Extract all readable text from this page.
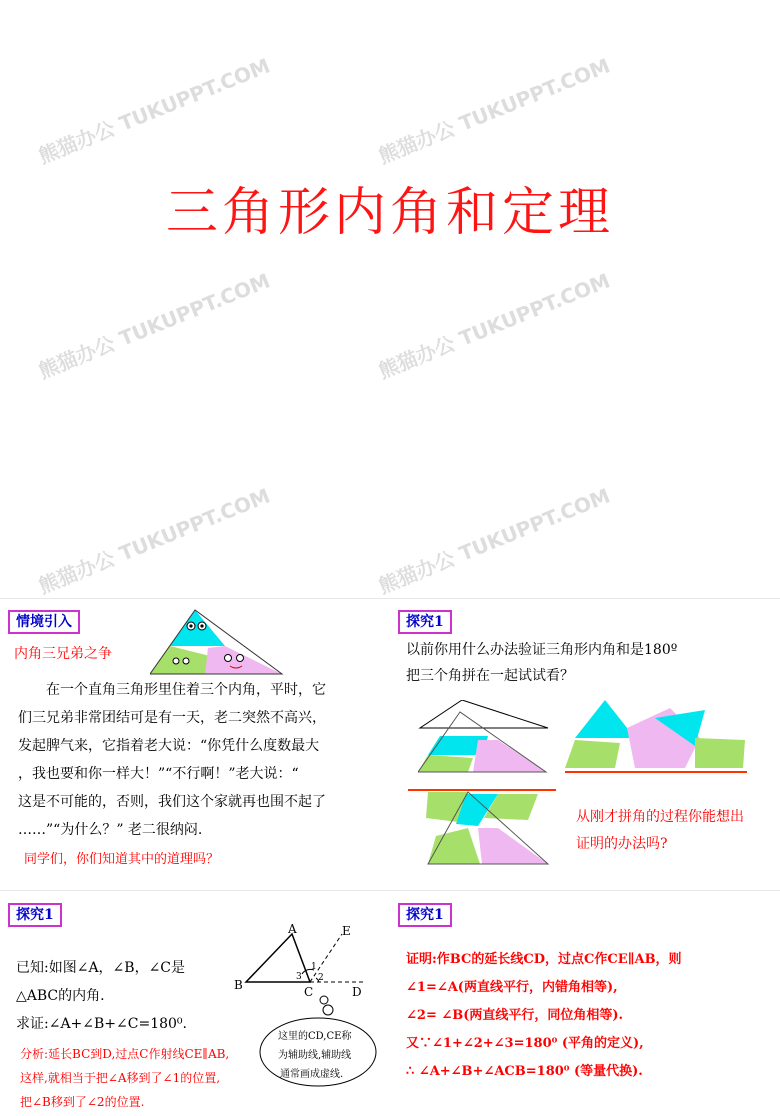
熊猫办公 TUKUPPT.COM	熊猫办公 TUKUPPT.COM
熊猫办公 TUKUPPT.COM	熊猫办公 TUKUPPT.COM
熊猫办公 TUKUPPT.COM	熊猫办公 TUKUPPT.COM
三角形内角和定理
情境引入
内角三兄弟之争
在一个直角三角形里住着三个内角，平时，它
们三兄弟非常团结可是有一天，老二突然不高兴，
发起脾气来，它指着老大说：“你凭什么度数最大
，我也要和你一样大！”“不行啊！”老大说：“
这是不可能的，否则，我们这个家就再也围不起了
……”“为什么？” 老二很纳闷.
同学们，你们知道其中的道理吗？
探究1
以前你用什么办法验证三角形内角和是180º
把三个角拼在一起试试看？
从刚才拼角的过程你能想出
证明的办法吗?
探究1
已知:如图∠A，∠B，∠C是
△ABC的内角.
求证:∠A+∠B+∠C=180⁰.
分析:延长BC到D,过点C作射线CE∥AB,
这样,就相当于把∠A移到了∠1的位置,
把∠B移到了∠2的位置.
A
B	C	D
E
1
2
3
这里的CD,CE称
为辅助线,辅助线
通常画成虚线.
探究1
证明:作BC的延长线CD，过点C作CE∥AB，则
∠1=∠A(两直线平行，内错角相等),
∠2= ∠B(两直线平行，同位角相等).
又∵∠1+∠2+∠3=180⁰ (平角的定义),
∴ ∠A+∠B+∠ACB=180⁰ (等量代换).
